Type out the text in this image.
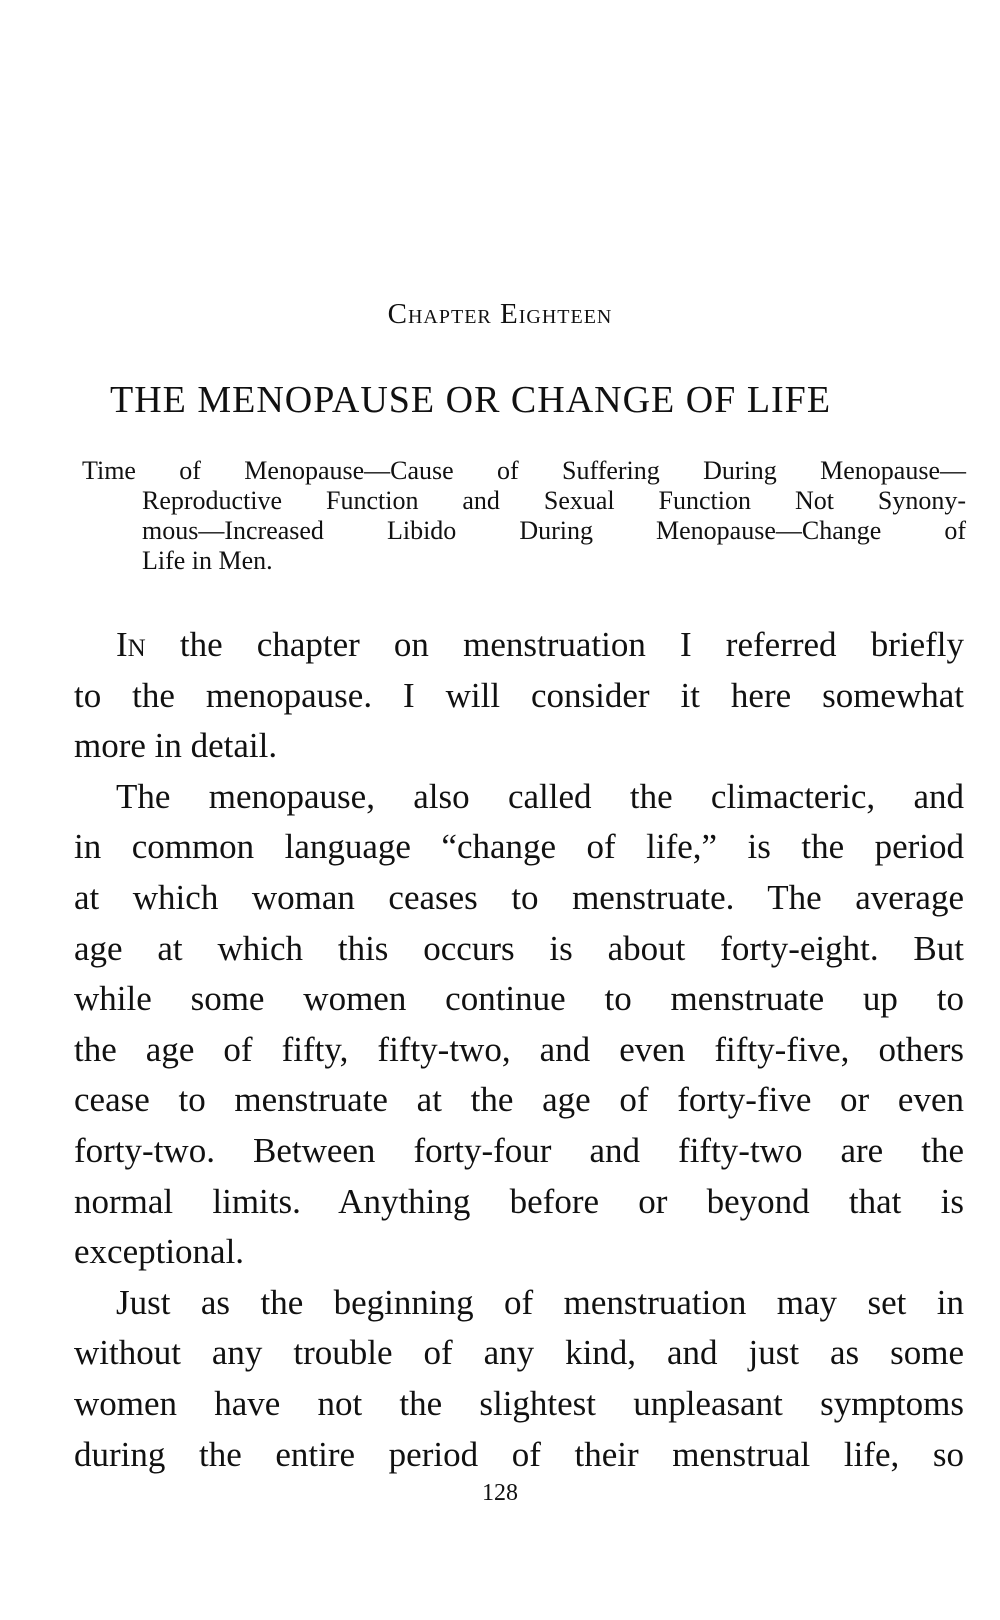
Chapter Eighteen
THE MENOPAUSE OR CHANGE OF LIFE
Time of Menopause—Cause of Suffering During Menopause—
Reproductive Function and Sexual Function Not Synony-
mous—Increased Libido During Menopause—Change of
Life in Men.
In the chapter on menstruation I referred briefly
to the menopause. I will consider it here somewhat
more in detail.
The menopause, also called the climacteric, and
in common language “change of life,” is the period
at which woman ceases to menstruate. The average
age at which this occurs is about forty-eight. But
while some women continue to menstruate up to
the age of fifty, fifty-two, and even fifty-five, others
cease to menstruate at the age of forty-five or even
forty-two. Between forty-four and fifty-two are the
normal limits. Anything before or beyond that is
exceptional.
Just as the beginning of menstruation may set in
without any trouble of any kind, and just as some
women have not the slightest unpleasant symptoms
during the entire period of their menstrual life, so
128
